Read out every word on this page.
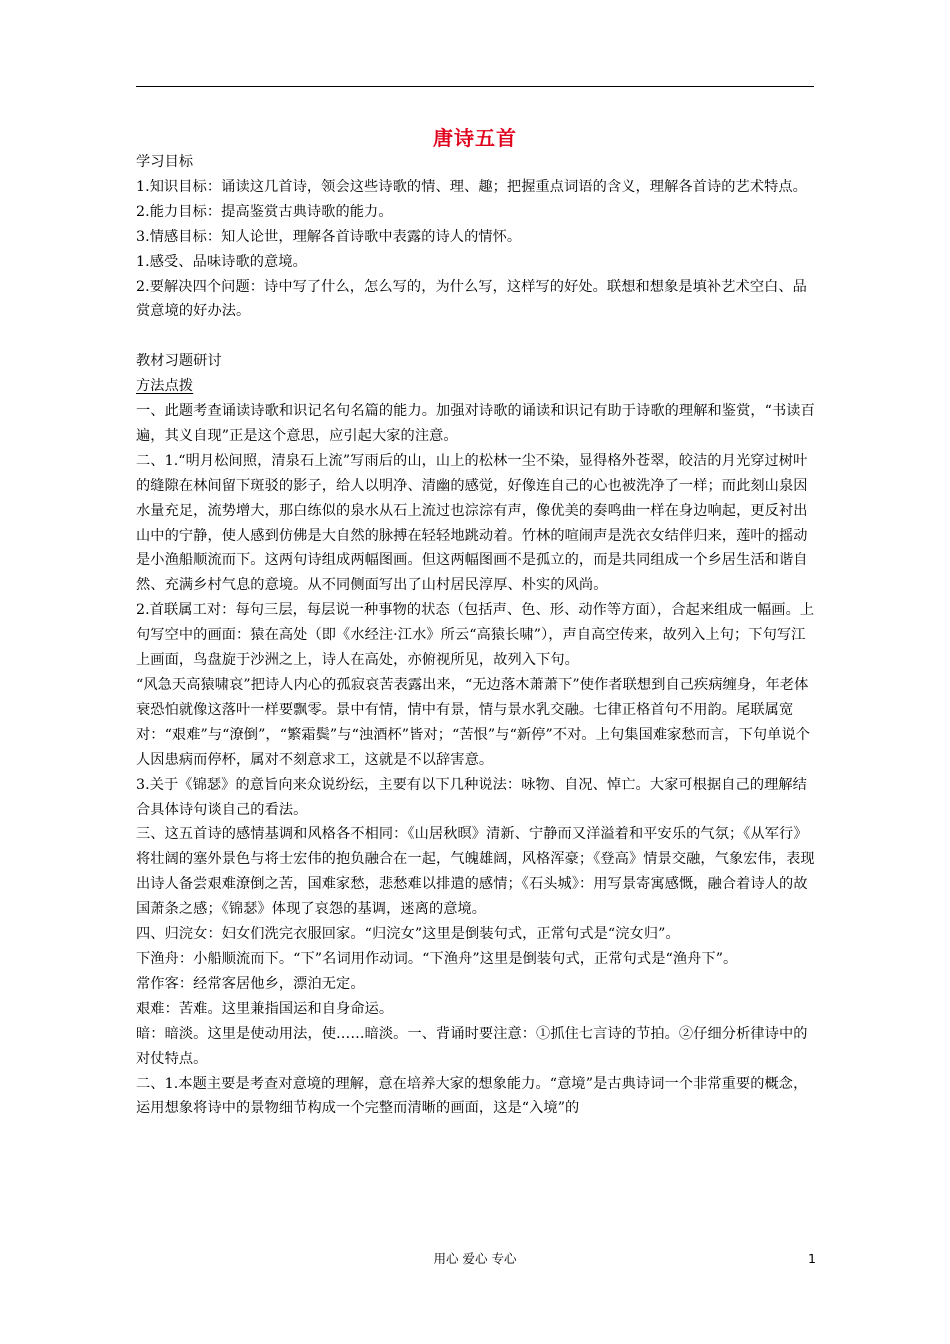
唐诗五首

学习目标

1.知识目标：诵读这几首诗，领会这些诗歌的情、理、趣；把握重点词语的含义，理解各首诗的艺术特点。

2.能力目标：提高鉴赏古典诗歌的能力。

3.情感目标：知人论世，理解各首诗歌中表露的诗人的情怀。

1.感受、品味诗歌的意境。

2.要解决四个问题：诗中写了什么，怎么写的，为什么写，这样写的好处。联想和想象是填补艺术空白、品赏意境的好办法。

教材习题研讨

方法点拨

一、此题考查诵读诗歌和识记名句名篇的能力。加强对诗歌的诵读和识记有助于诗歌的理解和鉴赏，“书读百遍，其义自现”正是这个意思，应引起大家的注意。

二、1.“明月松间照，清泉石上流”写雨后的山，山上的松林一尘不染，显得格外苍翠，皎洁的月光穿过树叶的缝隙在林间留下斑驳的影子，给人以明净、清幽的感觉，好像连自己的心也被洗净了一样；而此刻山泉因水量充足，流势增大，那白练似的泉水从石上流过也淙淙有声，像优美的奏鸣曲一样在身边响起，更反衬出山中的宁静，使人感到仿佛是大自然的脉搏在轻轻地跳动着。竹林的喧闹声是洗衣女结伴归来，莲叶的摇动是小渔船顺流而下。这两句诗组成两幅图画。但这两幅图画不是孤立的，而是共同组成一个乡居生活和谐自然、充满乡村气息的意境。从不同侧面写出了山村居民淳厚、朴实的风尚。

2.首联属工对：每句三层，每层说一种事物的状态（包括声、色、形、动作等方面），合起来组成一幅画。上句写空中的画面：猿在高处（即《水经注·江水》所云“高猿长啸”），声自高空传来，故列入上句；下句写江上画面，鸟盘旋于沙洲之上，诗人在高处，亦俯视所见，故列入下句。

“风急天高猿啸哀”把诗人内心的孤寂哀苦表露出来，“无边落木萧萧下”使作者联想到自己疾病缠身，年老体衰恐怕就像这落叶一样要飘零。景中有情，情中有景，情与景水乳交融。七律正格首句不用韵。尾联属宽对：“艰难”与“潦倒”，“繁霜鬓”与“浊酒杯”皆对；“苦恨”与“新停”不对。上句集国难家愁而言，下句单说个人因患病而停杯，属对不刻意求工，这就是不以辞害意。

3.关于《锦瑟》的意旨向来众说纷纭，主要有以下几种说法：咏物、自况、悼亡。大家可根据自己的理解结合具体诗句谈自己的看法。

三、这五首诗的感情基调和风格各不相同：《山居秋暝》清新、宁静而又洋溢着和平安乐的气氛；《从军行》将壮阔的塞外景色与将士宏伟的抱负融合在一起，气魄雄阔，风格浑豪；《登高》情景交融，气象宏伟，表现出诗人备尝艰难潦倒之苦，国难家愁，悲愁难以排遣的感情；《石头城》：用写景寄寓感慨，融合着诗人的故国萧条之感；《锦瑟》体现了哀怨的基调，迷离的意境。

四、归浣女：妇女们洗完衣服回家。“归浣女”这里是倒装句式，正常句式是“浣女归”。

下渔舟：小船顺流而下。“下”名词用作动词。“下渔舟”这里是倒装句式，正常句式是“渔舟下”。

常作客：经常客居他乡，漂泊无定。

艰难：苦难。这里兼指国运和自身命运。

暗：暗淡。这里是使动用法，使……暗淡。一、背诵时要注意：①抓住七言诗的节拍。②仔细分析律诗中的对仗特点。

二、1.本题主要是考查对意境的理解，意在培养大家的想象能力。“意境”是古典诗词一个非常重要的概念，运用想象将诗中的景物细节构成一个完整而清晰的画面，这是“入境”的

用心 爱心 专心	1
